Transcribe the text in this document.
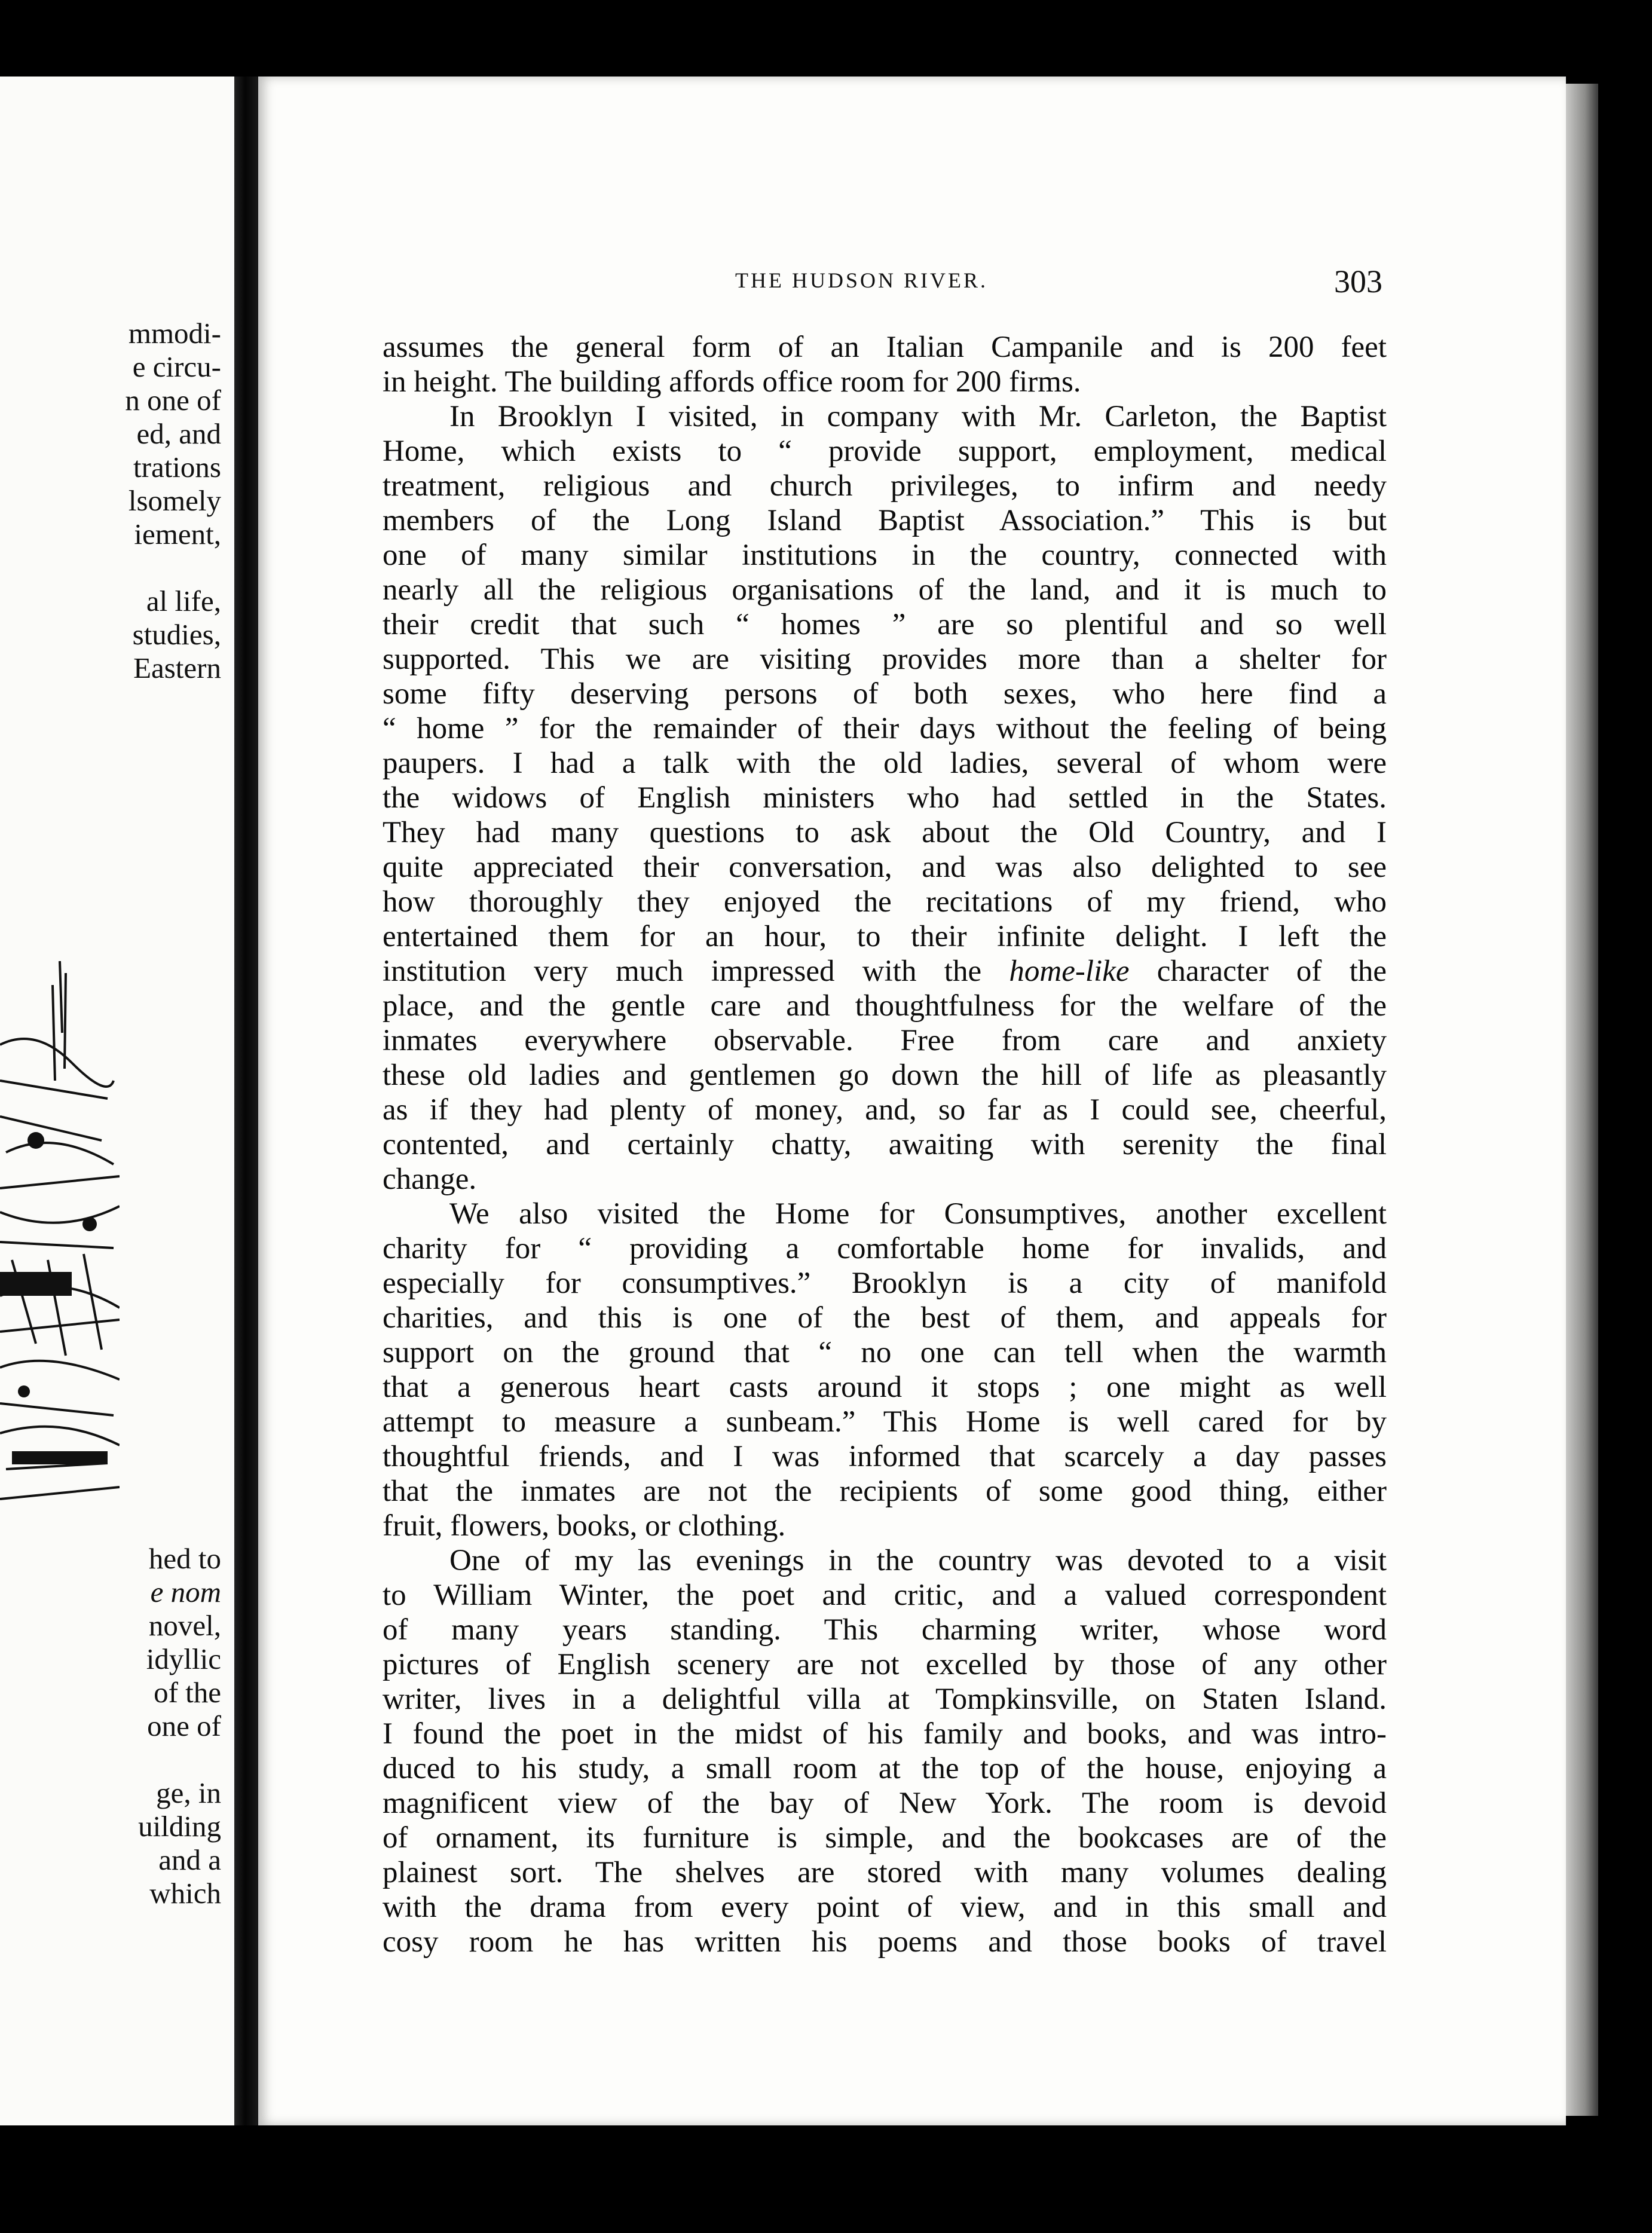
mmodi-
e circu-
n one of
ed, and
trations
lsomely
iement,
al life,
studies,
Eastern
hed to
e nom
novel,
idyllic
of the
one of
ge, in
uilding
and a
which
THE HUDSON RIVER.	303
assumes the general form of an Italian Campanile and is 200 feet
in height. The building affords office room for 200 firms.
In Brooklyn I visited, in company with Mr. Carleton, the Baptist
Home, which exists to “ provide support, employment, medical
treatment, religious and church privileges, to infirm and needy
members of the Long Island Baptist Association.” This is but
one of many similar institutions in the country, connected with
nearly all the religious organisations of the land, and it is much to
their credit that such “ homes ” are so plentiful and so well
supported. This we are visiting provides more than a shelter for
some fifty deserving persons of both sexes, who here find a
“ home ” for the remainder of their days without the feeling of being
paupers. I had a talk with the old ladies, several of whom were
the widows of English ministers who had settled in the States.
They had many questions to ask about the Old Country, and I
quite appreciated their conversation, and was also delighted to see
how thoroughly they enjoyed the recitations of my friend, who
entertained them for an hour, to their infinite delight. I left the
institution very much impressed with the home-like character of the
place, and the gentle care and thoughtfulness for the welfare of the
inmates everywhere observable. Free from care and anxiety
these old ladies and gentlemen go down the hill of life as pleasantly
as if they had plenty of money, and, so far as I could see, cheerful,
contented, and certainly chatty, awaiting with serenity the final
change.
We also visited the Home for Consumptives, another excellent
charity for “ providing a comfortable home for invalids, and
especially for consumptives.” Brooklyn is a city of manifold
charities, and this is one of the best of them, and appeals for
support on the ground that “ no one can tell when the warmth
that a generous heart casts around it stops ; one might as well
attempt to measure a sunbeam.” This Home is well cared for by
thoughtful friends, and I was informed that scarcely a day passes
that the inmates are not the recipients of some good thing, either
fruit, flowers, books, or clothing.
One of my las evenings in the country was devoted to a visit
to William Winter, the poet and critic, and a valued correspondent
of many years standing. This charming writer, whose word
pictures of English scenery are not excelled by those of any other
writer, lives in a delightful villa at Tompkinsville, on Staten Island.
I found the poet in the midst of his family and books, and was intro-
duced to his study, a small room at the top of the house, enjoying a
magnificent view of the bay of New York. The room is devoid
of ornament, its furniture is simple, and the bookcases are of the
plainest sort. The shelves are stored with many volumes dealing
with the drama from every point of view, and in this small and
cosy room he has written his poems and those books of travel
